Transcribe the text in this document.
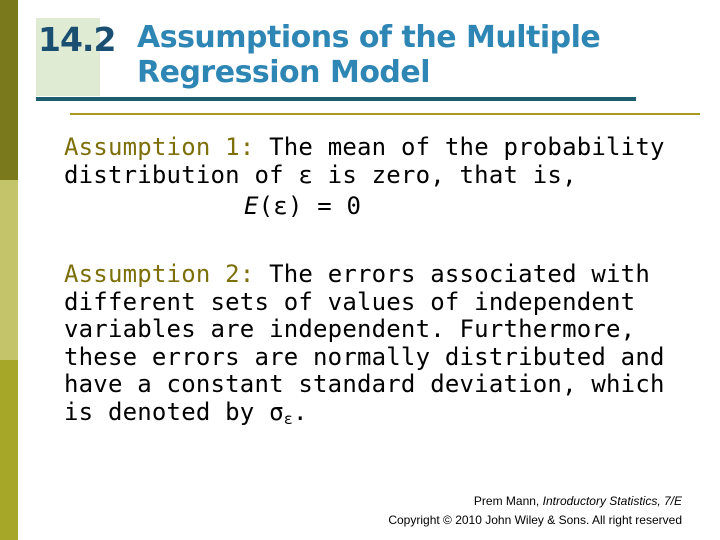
14.2 Assumptions of the Multiple
Regression Model
Assumption 1: The mean of the probability distribution of ε is zero, that is,
E(ε) = 0
Assumption 2: The errors associated with different sets of values of independent variables are independent. Furthermore, these errors are normally distributed and have a constant standard deviation, which is denoted by $\sigma_\varepsilon$.
Prem Mann, Introductory Statistics, 7/E
Copyright © 2010 John Wiley & Sons. All right reserved
